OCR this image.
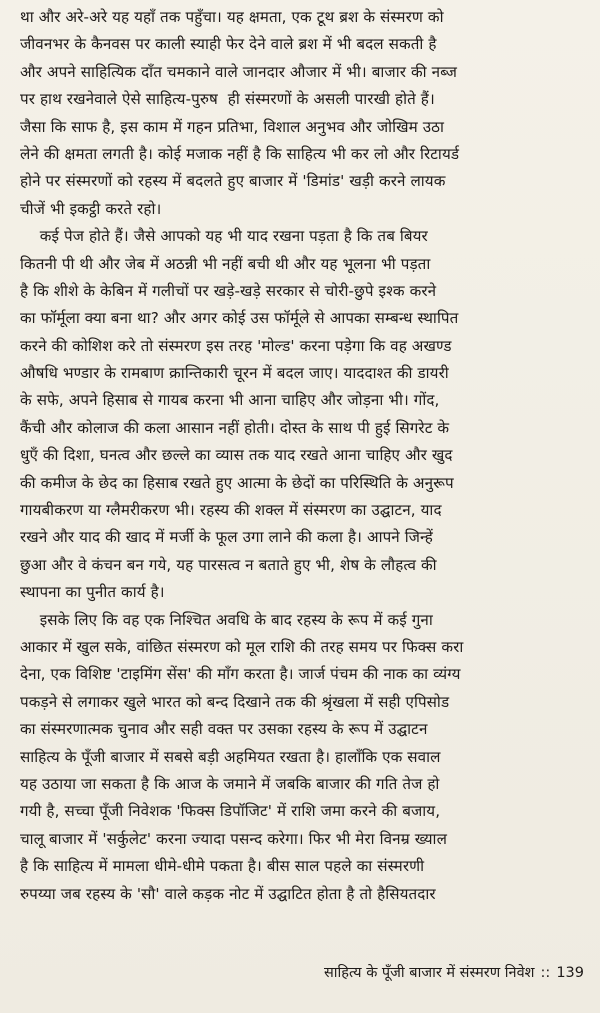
था और अरे-अरे यह यहाँ तक पहुँचा। यह क्षमता, एक टूथ ब्रश के संस्मरण को
जीवनभर के कैनवस पर काली स्याही फेर देने वाले ब्रश में भी बदल सकती है
और अपने साहित्यिक दाँत चमकाने वाले जानदार औजार में भी। बाजार की नब्ज
पर हाथ रखनेवाले ऐसे साहित्य-पुरुष  ही संस्मरणों के असली पारखी होते हैं।
जैसा कि साफ है, इस काम में गहन प्रतिभा, विशाल अनुभव और जोखिम उठा
लेने की क्षमता लगती है। कोई मजाक नहीं है कि साहित्य भी कर लो और रिटायर्ड
होने पर संस्मरणों को रहस्य में बदलते हुए बाजार में 'डिमांड' खड़ी करने लायक
चीजें भी इकट्ठी करते रहो।
कई पेज होते हैं। जैसे आपको यह भी याद रखना पड़ता है कि तब बियर
कितनी पी थी और जेब में अठन्नी भी नहीं बची थी और यह भूलना भी पड़ता
है कि शीशे के केबिन में गलीचों पर खड़े-खड़े सरकार से चोरी-छुपे इश्क करने
का फॉर्मूला क्या बना था? और अगर कोई उस फॉर्मूले से आपका सम्बन्ध स्थापित
करने की कोशिश करे तो संस्मरण इस तरह 'मोल्ड' करना पड़ेगा कि वह अखण्ड
औषधि भण्डार के रामबाण क्रान्तिकारी चूरन में बदल जाए। याददाश्त की डायरी
के सफे, अपने हिसाब से गायब करना भी आना चाहिए और जोड़ना भी। गोंद,
कैंची और कोलाज की कला आसान नहीं होती। दोस्त के साथ पी हुई सिगरेट के
धुएँ की दिशा, घनत्व और छल्ले का व्यास तक याद रखते आना चाहिए और खुद
की कमीज के छेद का हिसाब रखते हुए आत्मा के छेदों का परिस्थिति के अनुरूप
गायबीकरण या ग्लैमरीकरण भी। रहस्य की शक्ल में संस्मरण का उद्घाटन, याद
रखने और याद की खाद में मर्जी के फूल उगा लाने की कला है। आपने जिन्हें
छुआ और वे कंचन बन गये, यह पारसत्व न बताते हुए भी, शेष के लौहत्व की
स्थापना का पुनीत कार्य है।
इसके लिए कि वह एक निश्चित अवधि के बाद रहस्य के रूप में कई गुना
आकार में खुल सके, वांछित संस्मरण को मूल राशि की तरह समय पर फिक्स करा
देना, एक विशिष्ट 'टाइमिंग सेंस' की माँग करता है। जार्ज पंचम की नाक का व्यंग्य
पकड़ने से लगाकर खुले भारत को बन्द दिखाने तक की श्रृंखला में सही एपिसोड
का संस्मरणात्मक चुनाव और सही वक्त पर उसका रहस्य के रूप में उद्घाटन
साहित्य के पूँजी बाजार में सबसे बड़ी अहमियत रखता है। हालाँकि एक सवाल
यह उठाया जा सकता है कि आज के जमाने में जबकि बाजार की गति तेज हो
गयी है, सच्चा पूँजी निवेशक 'फिक्स डिपॉजिट' में राशि जमा करने की बजाय,
चालू बाजार में 'सर्कुलेट' करना ज्यादा पसन्द करेगा। फिर भी मेरा विनम्र ख्याल
है कि साहित्य में मामला धीमे-धीमे पकता है। बीस साल पहले का संस्मरणी
रुपय्या जब रहस्य के 'सौ' वाले कड़क नोट में उद्घाटित होता है तो हैसियतदार
साहित्य के पूँजी बाजार में संस्मरण निवेश :: 139
